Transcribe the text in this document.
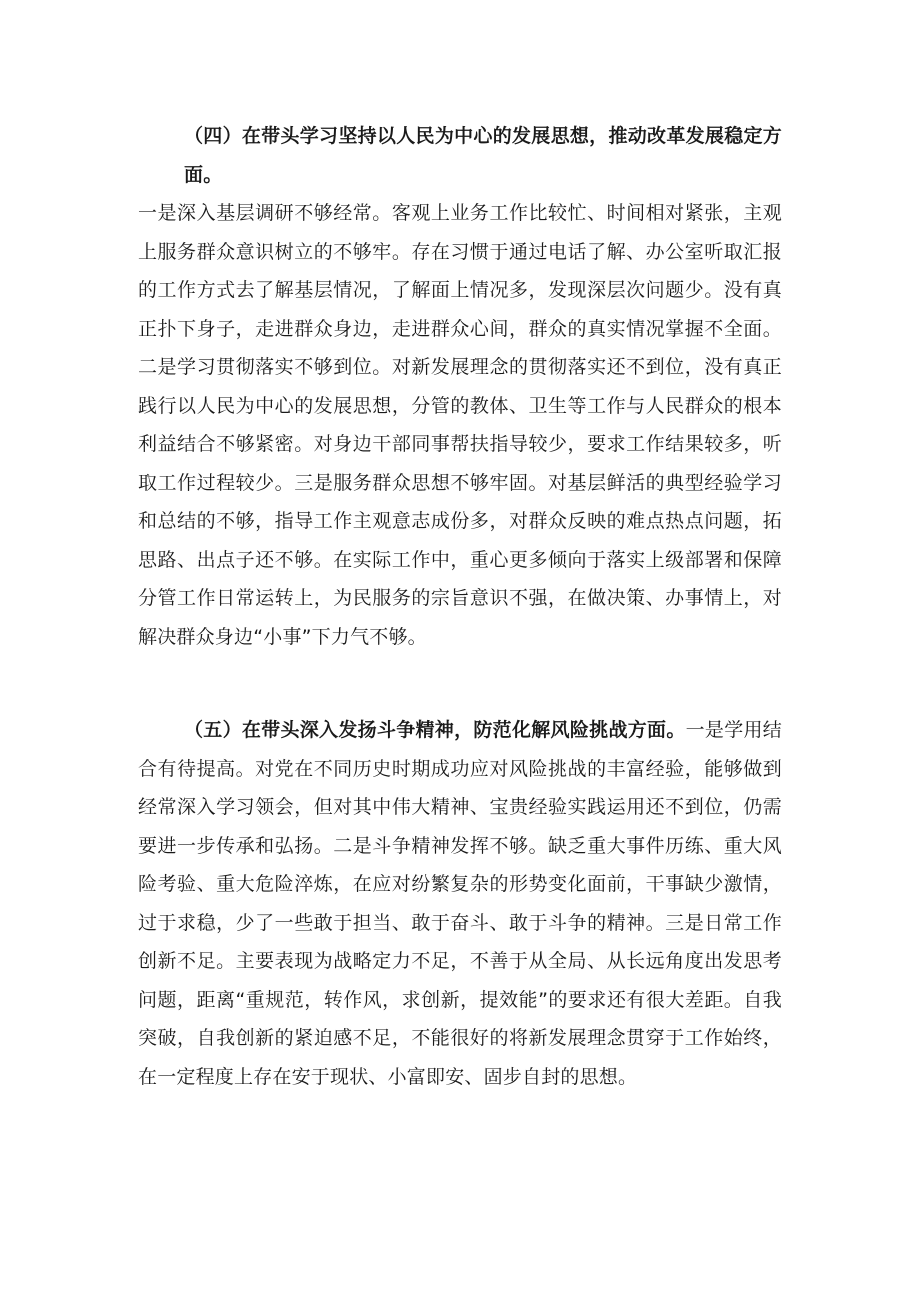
（四）在带头学习坚持以人民为中心的发展思想，推动改革发展稳定方面。
一是深入基层调研不够经常。客观上业务工作比较忙、时间相对紧张，主观上服务群众意识树立的不够牢。存在习惯于通过电话了解、办公室听取汇报的工作方式去了解基层情况，了解面上情况多，发现深层次问题少。没有真正扑下身子，走进群众身边，走进群众心间，群众的真实情况掌握不全面。二是学习贯彻落实不够到位。对新发展理念的贯彻落实还不到位，没有真正践行以人民为中心的发展思想，分管的教体、卫生等工作与人民群众的根本利益结合不够紧密。对身边干部同事帮扶指导较少，要求工作结果较多，听取工作过程较少。三是服务群众思想不够牢固。对基层鲜活的典型经验学习和总结的不够，指导工作主观意志成份多，对群众反映的难点热点问题，拓思路、出点子还不够。在实际工作中，重心更多倾向于落实上级部署和保障分管工作日常运转上，为民服务的宗旨意识不强，在做决策、办事情上，对解决群众身边“小事”下力气不够。

（五）在带头深入发扬斗争精神，防范化解风险挑战方面。一是学用结合有待提高。对党在不同历史时期成功应对风险挑战的丰富经验，能够做到经常深入学习领会，但对其中伟大精神、宝贵经验实践运用还不到位，仍需要进一步传承和弘扬。二是斗争精神发挥不够。缺乏重大事件历练、重大风险考验、重大危险淬炼，在应对纷繁复杂的形势变化面前，干事缺少激情，过于求稳，少了一些敢于担当、敢于奋斗、敢于斗争的精神。三是日常工作创新不足。主要表现为战略定力不足，不善于从全局、从长远角度出发思考问题，距离“重规范，转作风，求创新，提效能”的要求还有很大差距。自我突破，自我创新的紧迫感不足，不能很好的将新发展理念贯穿于工作始终，在一定程度上存在安于现状、小富即安、固步自封的思想。
